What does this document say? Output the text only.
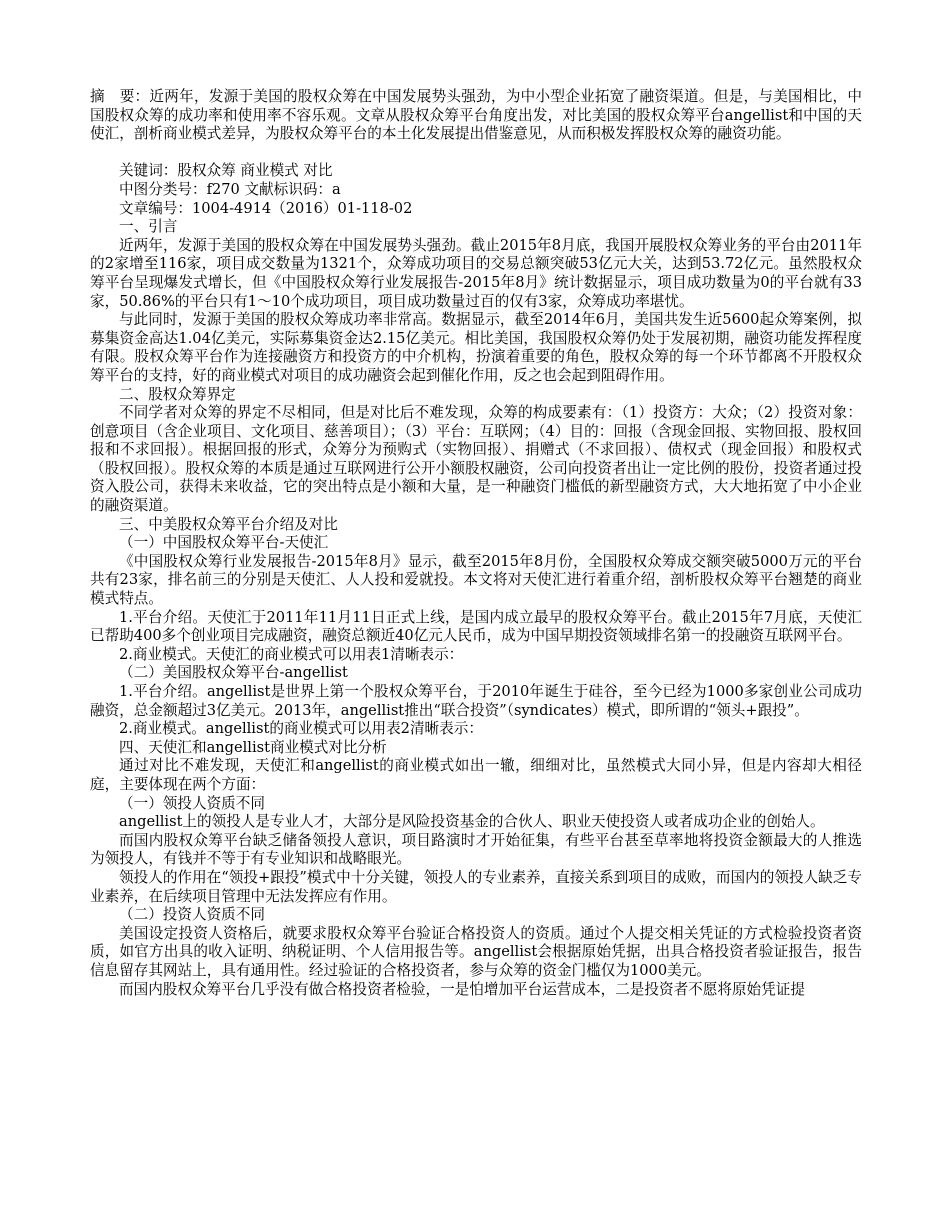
摘　要：近两年，发源于美国的股权众筹在中国发展势头强劲，为中小型企业拓宽了融资渠道。但是，与美国相比，中国股权众筹的成功率和使用率不容乐观。文章从股权众筹平台角度出发，对比美国的股权众筹平台angellist和中国的天使汇，剖析商业模式差异，为股权众筹平台的本土化发展提出借鉴意见，从而积极发挥股权众筹的融资功能。

关键词：股权众筹 商业模式 对比

中图分类号：f270 文献标识码：a

文章编号：1004-4914（2016）01-118-02

一、引言

近两年，发源于美国的股权众筹在中国发展势头强劲。截止2015年8月底，我国开展股权众筹业务的平台由2011年的2家增至116家，项目成交数量为1321个，众筹成功项目的交易总额突破53亿元大关，达到53.72亿元。虽然股权众筹平台呈现爆发式增长，但《中国股权众筹行业发展报告-2015年8月》统计数据显示，项目成功数量为0的平台就有33家，50.86%的平台只有1～10个成功项目，项目成功数量过百的仅有3家，众筹成功率堪忧。

与此同时，发源于美国的股权众筹成功率非常高。数据显示，截至2014年6月，美国共发生近5600起众筹案例，拟募集资金高达1.04亿美元，实际募集资金达2.15亿美元。相比美国，我国股权众筹仍处于发展初期，融资功能发挥程度有限。股权众筹平台作为连接融资方和投资方的中介机构，扮演着重要的角色，股权众筹的每一个环节都离不开股权众筹平台的支持，好的商业模式对项目的成功融资会起到催化作用，反之也会起到阻碍作用。

二、股权众筹界定

不同学者对众筹的界定不尽相同，但是对比后不难发现，众筹的构成要素有：（1）投资方：大众；（2）投资对象：创意项目（含企业项目、文化项目、慈善项目）；（3）平台：互联网；（4）目的：回报（含现金回报、实物回报、股权回报和不求回报）。根据回报的形式，众筹分为预购式（实物回报）、捐赠式（不求回报）、债权式（现金回报）和股权式（股权回报）。股权众筹的本质是通过互联网进行公开小额股权融资，公司向投资者出让一定比例的股份，投资者通过投资入股公司，获得未来收益，它的突出特点是小额和大量，是一种融资门槛低的新型融资方式，大大地拓宽了中小企业的融资渠道。

三、中美股权众筹平台介绍及对比

（一）中国股权众筹平台-天使汇

《中国股权众筹行业发展报告-2015年8月》显示，截至2015年8月份，全国股权众筹成交额突破5000万元的平台共有23家，排名前三的分别是天使汇、人人投和爱就投。本文将对天使汇进行着重介绍，剖析股权众筹平台翘楚的商业模式特点。

1.平台介绍。天使汇于2011年11月11日正式上线，是国内成立最早的股权众筹平台。截止2015年7月底，天使汇已帮助400多个创业项目完成融资，融资总额近40亿元人民币，成为中国早期投资领域排名第一的投融资互联网平台。

2.商业模式。天使汇的商业模式可以用表1清晰表示：

（二）美国股权众筹平台-angellist

1.平台介绍。angellist是世界上第一个股权众筹平台，于2010年诞生于硅谷，至今已经为1000多家创业公司成功融资，总金额超过3亿美元。2013年，angellist推出“联合投资”（syndicates）模式，即所谓的“领头+跟投”。

2.商业模式。angellist的商业模式可以用表2清晰表示：

四、天使汇和angellist商业模式对比分析

通过对比不难发现，天使汇和angellist的商业模式如出一辙，细细对比，虽然模式大同小异，但是内容却大相径庭，主要体现在两个方面：

（一）领投人资质不同

angellist上的领投人是专业人才，大部分是风险投资基金的合伙人、职业天使投资人或者成功企业的创始人。

而国内股权众筹平台缺乏储备领投人意识，项目路演时才开始征集，有些平台甚至草率地将投资金额最大的人推选为领投人，有钱并不等于有专业知识和战略眼光。

领投人的作用在“领投+跟投”模式中十分关键，领投人的专业素养，直接关系到项目的成败，而国内的领投人缺乏专业素养，在后续项目管理中无法发挥应有作用。

（二）投资人资质不同

美国设定投资人资格后，就要求股权众筹平台验证合格投资人的资质。通过个人提交相关凭证的方式检验投资者资质，如官方出具的收入证明、纳税证明、个人信用报告等。angellist会根据原始凭据，出具合格投资者验证报告，报告信息留存其网站上，具有通用性。经过验证的合格投资者，参与众筹的资金门槛仅为1000美元。

而国内股权众筹平台几乎没有做合格投资者检验，一是怕增加平台运营成本，二是投资者不愿将原始凭证提
